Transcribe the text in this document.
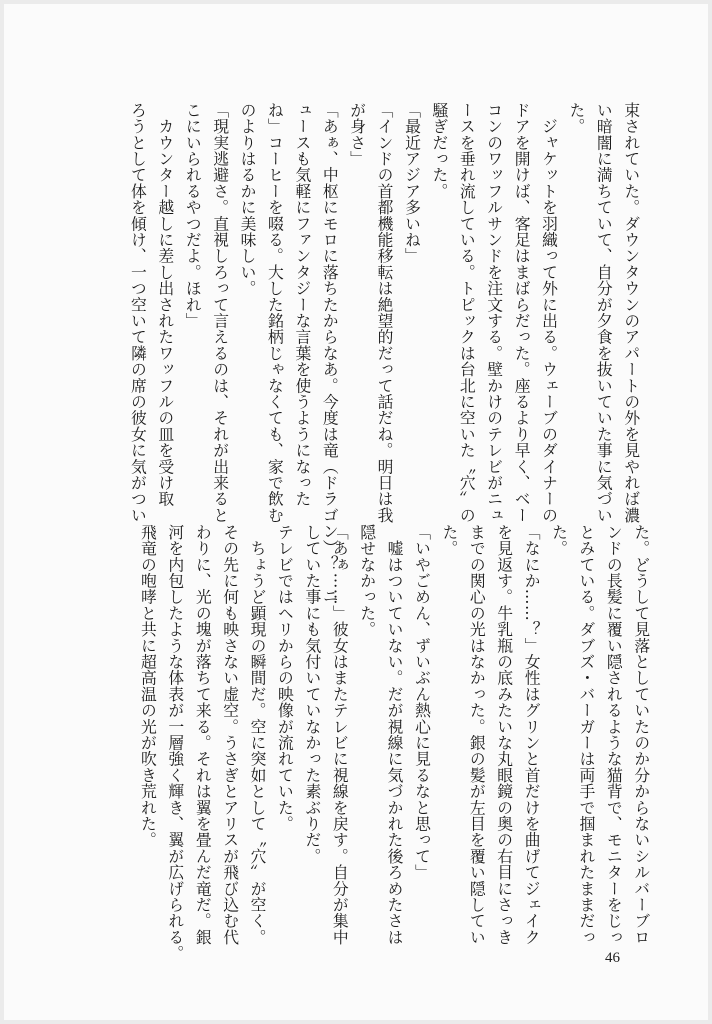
束されていた。ダウンタウンのアパートの外を見やれば濃
い暗闇に満ちていて、自分が夕食を抜いていた事に気づい
た。
　ジャケットを羽織って外に出る。ウェーブのダイナーの
ドアを開けば、客足はまばらだった。座るより早く、ベー
コンのワッフルサンドを注文する。壁かけのテレビがニュ
ースを垂れ流している。トピックは台北に空いた〝穴〟の
騒ぎだった。
「最近アジア多いね」
「インドの首都機能移転は絶望的だって話だね。明日は我
が身さ」
「あぁ、中枢にモロに落ちたからなあ。今度は竜（ドラゴン）？　ニ
ュースも気軽にファンタジーな言葉を使うようになった
ね」コーヒーを啜る。大した銘柄じゃなくても、家で飲む
のよりはるかに美味しい。
「現実逃避さ。直視しろって言えるのは、それが出来ると
こにいられるやつだよ。ほれ」
　カウンター越しに差し出されたワッフルの皿を受け取
ろうとして体を傾け、一つ空いて隣の席の彼女に気がつい
た。どうして見落としていたのか分からないシルバーブロ
ンドの長髪に覆い隠されるような猫背で、モニターをじっ
とみている。ダブズ・バーガーは両手で掴まれたままだっ
た。
「なにか……？」女性はグリンと首だけを曲げてジェイク
を見返す。牛乳瓶の底みたいな丸眼鏡の奥の右目にさっき
までの関心の光はなかった。銀の髪が左目を覆い隠してい
た。
「いやごめん、ずいぶん熱心に見るなと思って」
　嘘はついていない。だが視線に気づかれた後ろめたさは
隠せなかった。
「あぁ……」彼女はまたテレビに視線を戻す。自分が集中
していた事にも気付いていなかった素ぶりだ。
テレビではヘリからの映像が流れていた。
　ちょうど顕現の瞬間だ。空に突如として〝穴〟が空く。
その先に何も映さない虚空。うさぎとアリスが飛び込む代
わりに、光の塊が落ちて来る。それは翼を畳んだ竜だ。銀
河を内包したような体表が一層強く輝き、翼が広げられる。
飛竜の咆哮と共に超高温の光が吹き荒れた。
46
